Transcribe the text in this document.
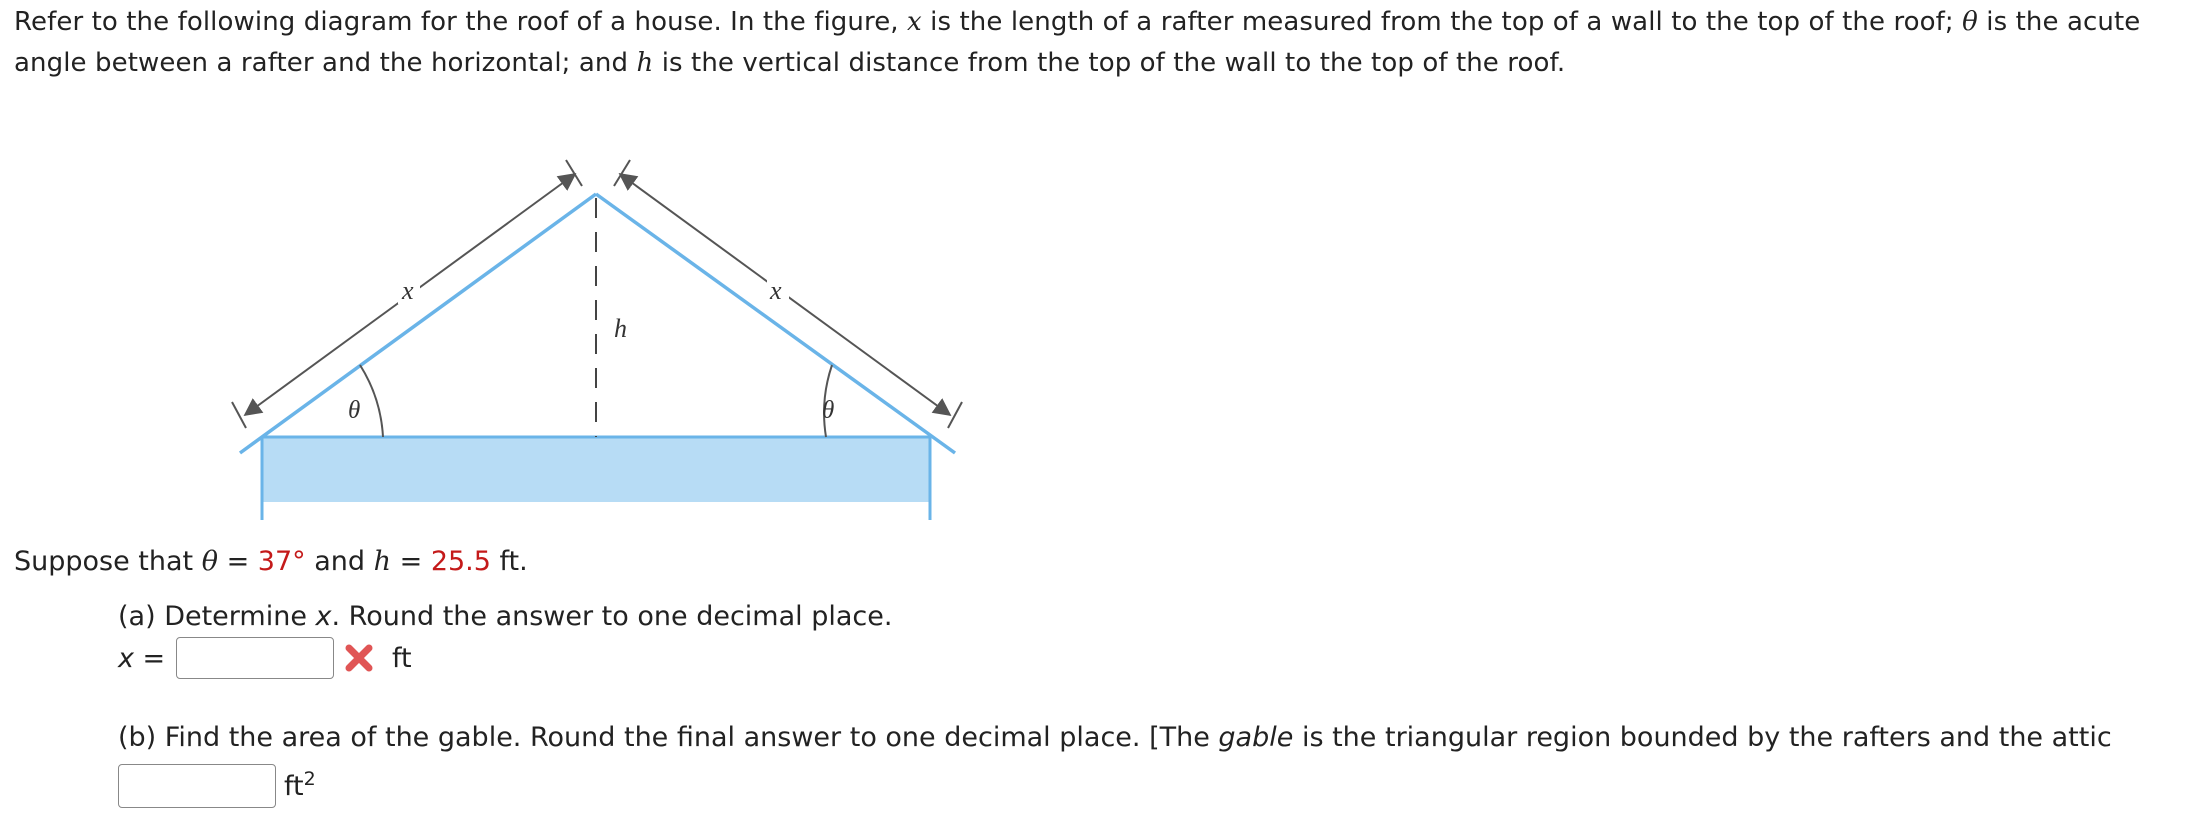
Refer to the following diagram for the roof of a house. In the figure, x is the length of a rafter measured from the top of a wall to the top of the roof; θ is the acute angle between a rafter and the horizontal; and h is the vertical distance from the top of the wall to the top of the roof.
x	x
h
θ	θ
Suppose that θ = 37° and h = 25.5 ft.
(a) Determine x. Round the answer to one decimal place.
x =	ft
(b) Find the area of the gable. Round the final answer to one decimal place. [The gable is the triangular region bounded by the rafters and the attic
$ft^2$
